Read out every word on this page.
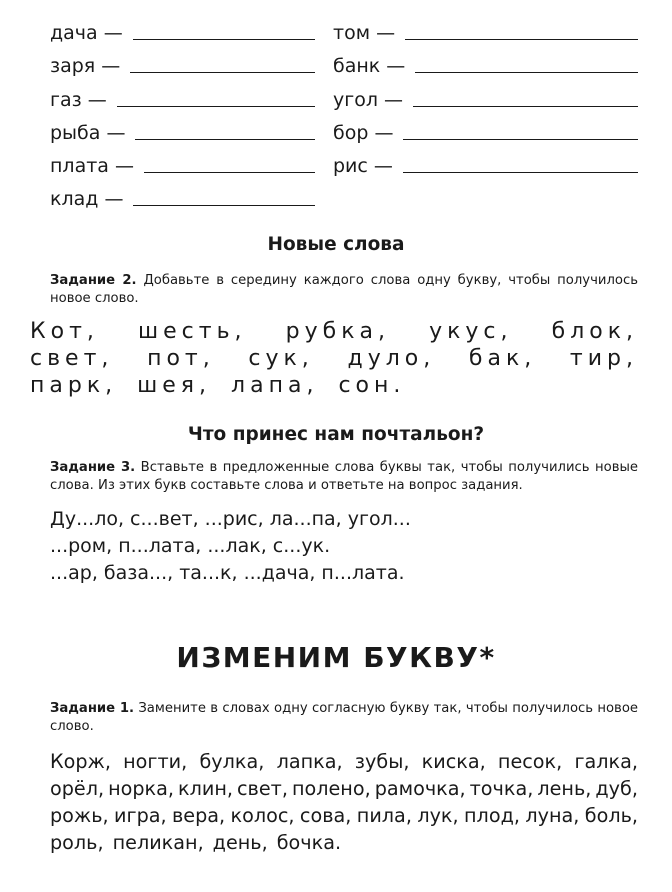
дача —	том —
заря —	банк —
газ —	угол —
рыба —	бор —
плата —	рис —
клад —
Новые слова
Задание 2. Добавьте в середину каждого слова одну букву, чтобы получилось новое слово.
Кот, шесть, рубка, укус, блок,
свет, пот, сук, дуло, бак, тир,
парк, шея, лапа, сон.
Что принес нам почтальон?
Задание 3. Вставьте в предложенные слова буквы так, чтобы получились новые слова. Из этих букв составьте слова и ответьте на вопрос задания.
Ду...ло, с...вет, ...рис, ла...па, угол...
...ром, п...лата, ...лак, с...ук.
...ар, база..., та...к, ...дача, п...лата.
ИЗМЕНИМ БУКВУ*
Задание 1. Замените в словах одну согласную букву так, чтобы получилось новое слово.
Корж, ногти, булка, лапка, зубы, киска, песок, галка,
орёл, норка, клин, свет, полено, рамочка, точка, лень, дуб,
рожь, игра, вера, колос, сова, пила, лук, плод, луна, боль,
роль, пеликан, день, бочка.
